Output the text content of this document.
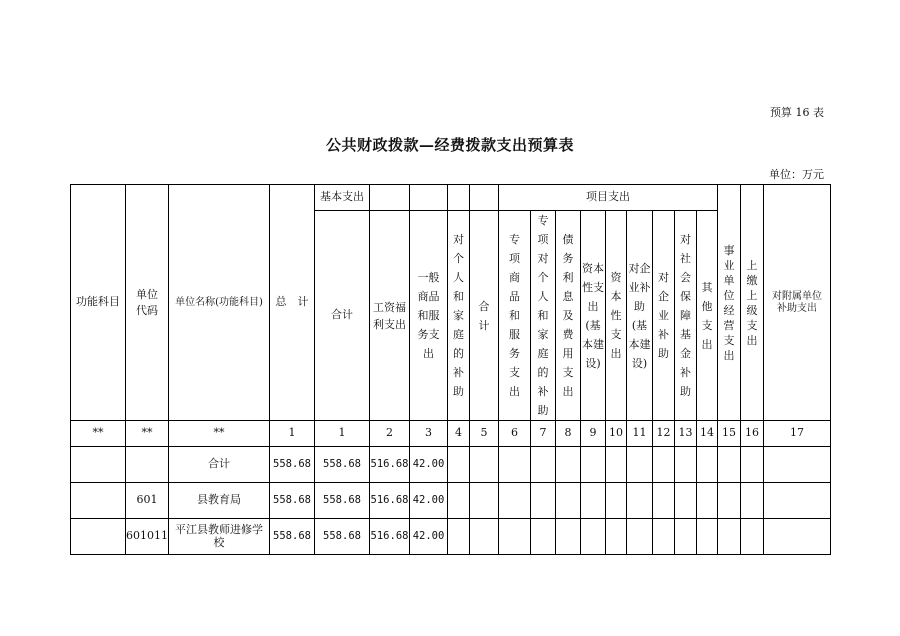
预算 16 表
公共财政拨款—经费拨款支出预算表
单位：万元
功能科目	单位代码	单位名称(功能科目)	总　计	基本支出					项目支出									事业单位经营支出	上缴上级支出	对附属单位补助支出
				合计	工资福利支出	一般商品和服务支出	对个人和家庭的补助	合计	专项商品和服务支出	专项对个人和家庭的补助	债务利息及费用支出	资本性支出(基本建设)	资本性支出	对企业补助(基本建设)	对企业补助	对社会保障基金补助	其他支出			
**	**	**	1	1	2	3	4	5	6	7	8	9	10	11	12	13	14	15	16	17
		合计	558.68	558.68	516.68	42.00														
	601	县教育局	558.68	558.68	516.68	42.00														
	601011	平江县教师进修学校	558.68	558.68	516.68	42.00														
